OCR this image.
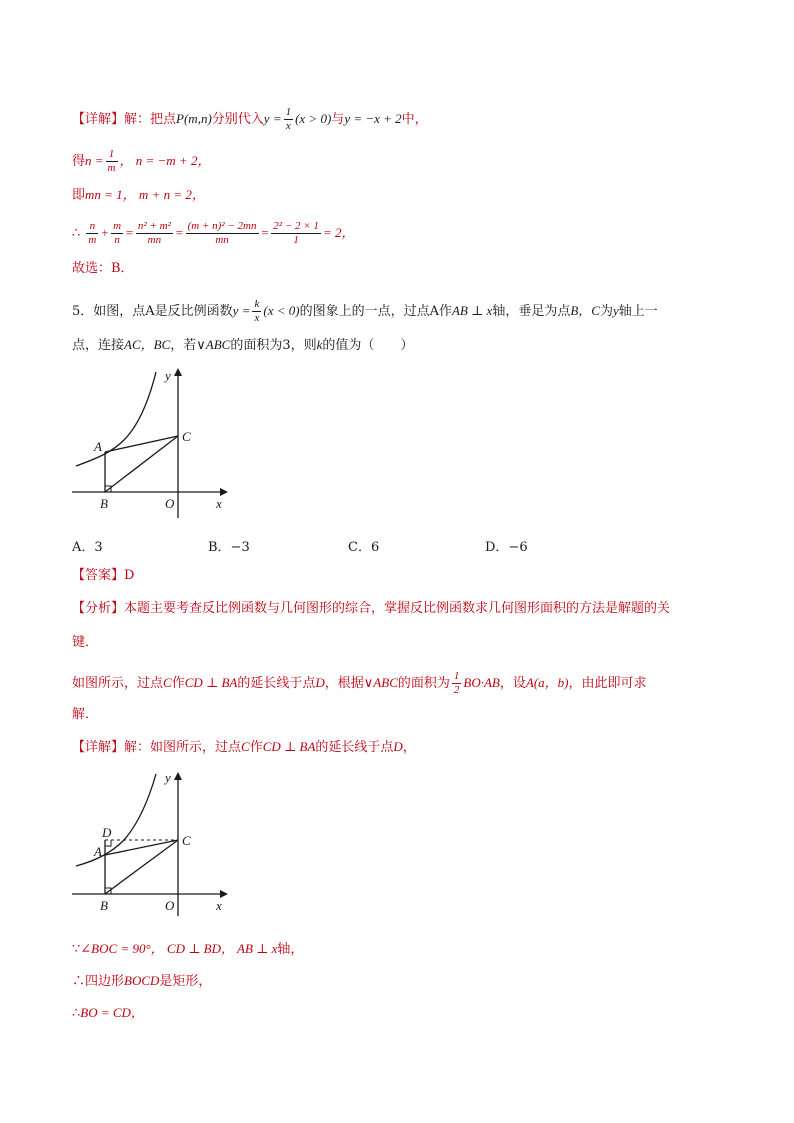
【详解】解：把点P(m,n)分别代入$y = \frac{1}{x} (x > 0)$与y = −x + 2中，
得$n = \frac{1}{m}$ ， n = −m + 2，
即mn = 1， m + n = 2，
∴ $\frac{n}{m} + \frac{m}{n} = \frac{\text{n² + m²}}{mn} = \frac{\text{(m + n)² − 2mn}}{mn} = \frac{\text{2² − 2 × 1}}{1} = 2$，
故选：B．
5．如图，点A是反比例函数$y = \frac{k}{x} (x < 0)$的图象上的一点，过点A作AB ⊥ x轴，垂足为点B，C为y轴上一
点，连接AC，BC，若∨ABC的面积为3，则k的值为（　　）
y
C
A
B	O	x
A．3	B．−3	C．6	D．−6
【答案】D
【分析】本题主要考查反比例函数与几何图形的综合，掌握反比例函数求几何图形面积的方法是解题的关
键．
如图所示，过点C作CD ⊥ BA的延长线于点D，根据∨ABC的面积为 $\frac{1}{2} BO\cdot AB$，设A(a，b)，由此即可求
解．
【详解】解：如图所示，过点C作CD ⊥ BA的延长线于点D，
y
D
A
C
B	O	x
∵∠BOC = 90°， CD ⊥ BD， AB ⊥ x轴，
∴四边形BOCD是矩形，
∴BO = CD，
